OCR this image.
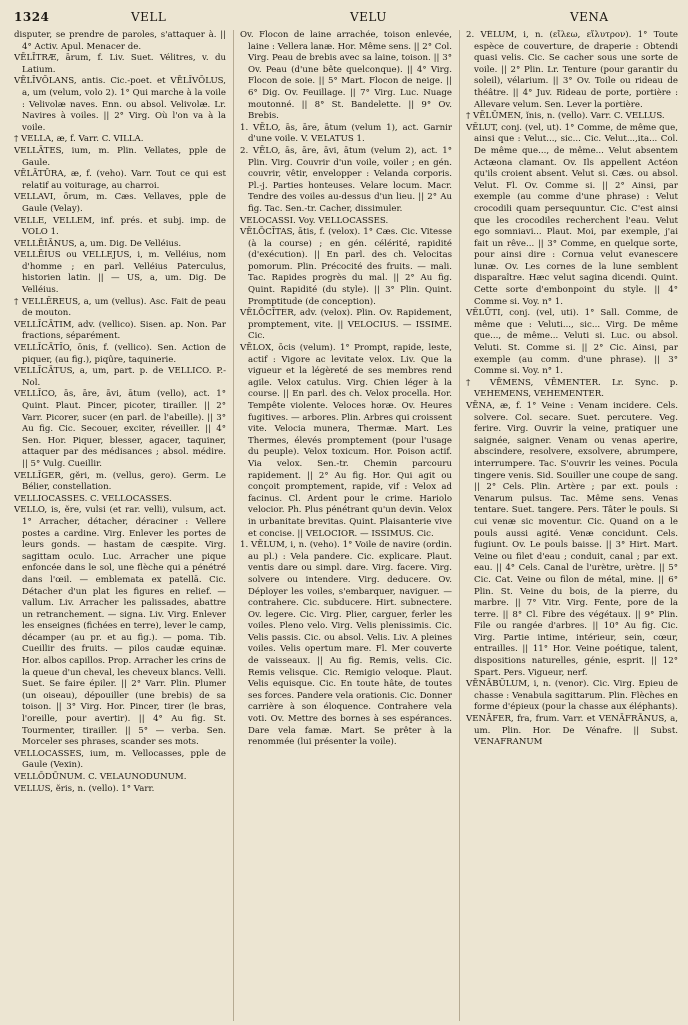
1324	VELL	VELU	VENA

disputer, se prendre de paroles, s'attaquer à. || 4° Activ. Apul. Menacer de.

VĒLĪTRÆ, ārum, f. Liv. Suet. Vélitres, v. du Latium.

VĒLĬVŎLANS, antis. Cic.-poet. et VĒLĬVŎLUS, a, um (velum, volo 2). 1° Qui marche à la voile : Velivolæ naves. Enn. ou absol. Velivolæ. Lr. Navires à voiles. || 2° Virg. Où l'on va à la voile.

† VELLA, æ, f. Varr. C. VILLA.

VELLĀTES, ium, m. Plin. Vellates, pple de Gaule.

VĒLĀTŪRA, æ, f. (veho). Varr. Tout ce qui est relatif au voiturage, au charroi.

VELLAVI, ōrum, m. Cæs. Vellaves, pple de Gaule (Velay).

VELLE, VELLEM, inf. prés. et subj. imp. de VOLO 1.

VELLĒIĀNUS, a, um. Dig. De Velléius.

VELLĒIUS ou VELLEJUS, i, m. Velléius, nom d'homme ; en parl. Velléius Paterculus, historien latin. || — US, a, um. Dig. De Velléius.

† VELLĔREUS, a, um (vellus). Asc. Fait de peau de mouton.

VELLĬCĀTIM, adv. (vellico). Sisen. ap. Non. Par fractions, séparément.

VELLĬCĀTĬO, ōnis, f. (vellico). Sen. Action de piquer, (au fig.), piqûre, taquinerie.

VELLĬCĀTUS, a, um, part. p. de VELLICO. P.-Nol.

VELLĬCO, ās, āre, āvi, ātum (vello), act. 1° Quint. Plaut. Pincer, picoter, tirailler. || 2° Varr. Picorer, sucer (en parl. de l'abeille). || 3° Au fig. Cic. Secouer, exciter, réveiller. || 4° Sen. Hor. Piquer, blesser, agacer, taquiner, attaquer par des médisances ; absol. médire. || 5° Vulg. Cueillir.

VELLĬGER, gĕri, m. (vellus, gero). Germ. Le Bélier, constellation.

VELLIOCASSES. C. VELLOCASSES.

VELLO, is, ĕre, vulsi (et rar. velli), vulsum, act. 1° Arracher, détacher, déraciner : Vellere postes a cardine. Virg. Enlever les portes de leurs gonds. — hastam de cæspite. Virg. sagittam oculo. Luc. Arracher une pique enfoncée dans le sol, une flèche qui a pénétré dans l'œil. — emblemata ex patellā. Cic. Détacher d'un plat les figures en relief. — vallum. Liv. Arracher les palissades, abattre un retranchement. — signa. Liv. Virg. Enlever les enseignes (fichées en terre), lever le camp, décamper (au pr. et au fig.). — poma. Tib. Cueillir des fruits. — pilos caudæ equinæ. Hor. albos capillos. Prop. Arracher les crins de la queue d'un cheval, les cheveux blancs. Velli. Suet. Se faire épiler. || 2° Varr. Plin. Plumer (un oiseau), dépouiller (une brebis) de sa toison. || 3° Virg. Hor. Pincer, tirer (le bras, l'oreille, pour avertir). || 4° Au fig. St. Tourmenter, tirailler. || 5° — verba. Sen. Morceler ses phrases, scander ses mots.

VELLOCASSES, ium, m. Vellocasses, pple de Gaule (Vexin).

VELLŌDŪNUM. C. VELAUNODUNUM.

VELLUS, ĕris, n. (vello). 1° Varr.

Ov. Flocon de laine arrachée, toison enlevée, laine : Vellera lanæ. Hor. Même sens. || 2° Col. Virg. Peau de brebis avec sa laine, toison. || 3° Ov. Peau (d'une bête quelconque). || 4° Virg. Flocon de soie. || 5° Mart. Flocon de neige. || 6° Dig. Ov. Feuillage. || 7° Virg. Luc. Nuage moutonné. || 8° St. Bandelette. || 9° Ov. Brebis.

1. VĒLO, ās, āre, ātum (velum 1), act. Garnir d'une voile. V. VELATUS 1.

2. VĒLO, ās, āre, āvi, ātum (velum 2), act. 1° Plin. Virg. Couvrir d'un voile, voiler ; en gén. couvrir, vêtir, envelopper : Velanda corporis. Pl.-j. Parties honteuses. Velare locum. Macr. Tendre des voiles au-dessus d'un lieu. || 2° Au fig. Tac. Sen.-tr. Cacher, dissimuler.

VELOCASSI. Voy. VELLOCASSES.

VĒLŌCĬTAS, ātis, f. (velox). 1° Cæs. Cic. Vitesse (à la course) ; en gén. célérité, rapidité (d'exécution). || En parl. des ch. Velocitas pomorum. Plin. Précocité des fruits. — mali. Tac. Rapides progrès du mal. || 2° Au fig. Quint. Rapidité (du style). || 3° Plin. Quint. Promptitude (de conception).

VĒLŌCĬTER, adv. (velox). Plin. Ov. Rapidement, promptement, vite. || VELOCIUS. — ISSIME. Cic.

VĒLOX, ōcis (velum). 1° Prompt, rapide, leste, actif : Vigore ac levitate velox. Liv. Que la vigueur et la légèreté de ses membres rend agile. Velox catulus. Virg. Chien léger à la course. || En parl. des ch. Velox procella. Hor. Tempête violente. Veloces horæ. Ov. Heures fugitives. — arbores. Plin. Arbres qui croissent vite. Velocia munera, Thermæ. Mart. Les Thermes, élevés promptement (pour l'usage du peuple). Velox toxicum. Hor. Poison actif. Via velox. Sen.-tr. Chemin parcouru rapidement. || 2° Au fig. Hor. Qui agit ou conçoit promptement, rapide, vif : Velox ad facinus. Cl. Ardent pour le crime. Hariolo velocior. Ph. Plus pénétrant qu'un devin. Velox in urbanitate brevitas. Quint. Plaisanterie vive et concise. || VELOCIOR. — ISSIMUS. Cic.

1. VĒLUM, i, n. (veho). 1° Voile de navire (ordin. au pl.) : Vela pandere. Cic. explicare. Plaut. ventis dare ou simpl. dare. Virg. facere. Virg. solvere ou intendere. Virg. deducere. Ov. Déployer les voiles, s'embarquer, naviguer. — contrahere. Cic. subducere. Hirt. subnectere. Ov. legere. Cic. Virg. Plier, carguer, ferler les voiles. Pleno velo. Virg. Velis plenissimis. Cic. Velis passis. Cic. ou absol. Velis. Liv. A pleines voiles. Velis opertum mare. Fl. Mer couverte de vaisseaux. || Au fig. Remis, velis. Cic. Remis velisque. Cic. Remigio veloque. Plaut. Velis equisque. Cic. En toute hâte, de toutes ses forces. Pandere vela orationis. Cic. Donner carrière à son éloquence. Contrahere vela voti. Ov. Mettre des bornes à ses espérances. Dare vela famæ. Mart. Se prêter à la renommée (lui présenter la voile).

2. VĒLUM, i, n. (εἴλεω, εἴλυτρον). 1° Toute espèce de couverture, de draperie : Obtendi quasi velis. Cic. Se cacher sous une sorte de voile. || 2° Plin. Lr. Tenture (pour garantir du soleil), vélarium. || 3° Ov. Toile ou rideau de théâtre. || 4° Juv. Rideau de porte, portière : Allevare velum. Sen. Lever la portière.

† VĒLŪMEN, ĭnis, n. (vello). Varr. C. VELLUS.

VĔLUT, conj. (vel, ut). 1° Comme, de même que, ainsi que : Velut..., sic... Cic. Velut...,ita... Col. De même que..., de même... Velut absentem Actæona clamant. Ov. Ils appellent Actéon qu'ils croient absent. Velut si. Cæs. ou absol. Velut. Fl. Ov. Comme si. || 2° Ainsi, par exemple (au comme d'une phrase) : Velut crocodili quam persequuntur. Cic. C'est ainsi que les crocodiles recherchent l'eau. Velut ego somniavi... Plaut. Moi, par exemple, j'ai fait un rêve... || 3° Comme, en quelque sorte, pour ainsi dire : Cornua velut evanescere lunæ. Ov. Les cornes de la lune semblent disparaître. Hæc velut sagina dicendi. Quint. Cette sorte d'embonpoint du style. || 4° Comme si. Voy. n° 1.

VĔLŬTI, conj. (vel, uti). 1° Sall. Comme, de même que : Veluti..., sic... Virg. De même que..., de même... Veluti si. Luc. ou absol. Veluti. St. Comme si. || 2° Cic. Ainsi, par exemple (au comm. d'une phrase). || 3° Comme si. Voy. n° 1.

† VĒMENS, VĒMENTER. Lr. Sync. p. VEHEMENS, VEHEMENTER.

VĒNA, æ, f. 1° Veine : Venam incidere. Cels. solvere. Col. secare. Suet. percutere. Veg. ferire. Virg. Ouvrir la veine, pratiquer une saignée, saigner. Venam ou venas aperire, abscindere, resolvere, exsolvere, abrumpere, interrumpere. Tac. S'ouvrir les veines. Pocula tingere venis. Sid. Souiller une coupe de sang. || 2° Cels. Plin. Artère ; par ext. pouls : Venarum pulsus. Tac. Même sens. Venas tentare. Suet. tangere. Pers. Tâter le pouls. Si cui venæ sic moventur. Cic. Quand on a le pouls aussi agité. Venæ concidunt. Cels. fugiunt. Ov. Le pouls baisse. || 3° Hirt. Mart. Veine ou filet d'eau ; conduit, canal ; par ext. eau. || 4° Cels. Canal de l'urètre, urètre. || 5° Cic. Cat. Veine ou filon de métal, mine. || 6° Plin. St. Veine du bois, de la pierre, du marbre. || 7° Vitr. Virg. Fente, pore de la terre. || 8° Cl. Fibre des végétaux. || 9° Plin. File ou rangée d'arbres. || 10° Au fig. Cic. Virg. Partie intime, intérieur, sein, cœur, entrailles. || 11° Hor. Veine poétique, talent, dispositions naturelles, génie, esprit. || 12° Spart. Pers. Vigueur, nerf.

VĒNĀBŬLUM, i, n. (venor). Cic. Virg. Epieu de chasse : Venabula sagittarum. Plin. Flèches en forme d'épieux (pour la chasse aux éléphants).

VENĀFER, fra, frum. Varr. et VENĀFRĀNUS, a, um. Plin. Hor. De Vénafre. || Subst. VENAFRANUM
